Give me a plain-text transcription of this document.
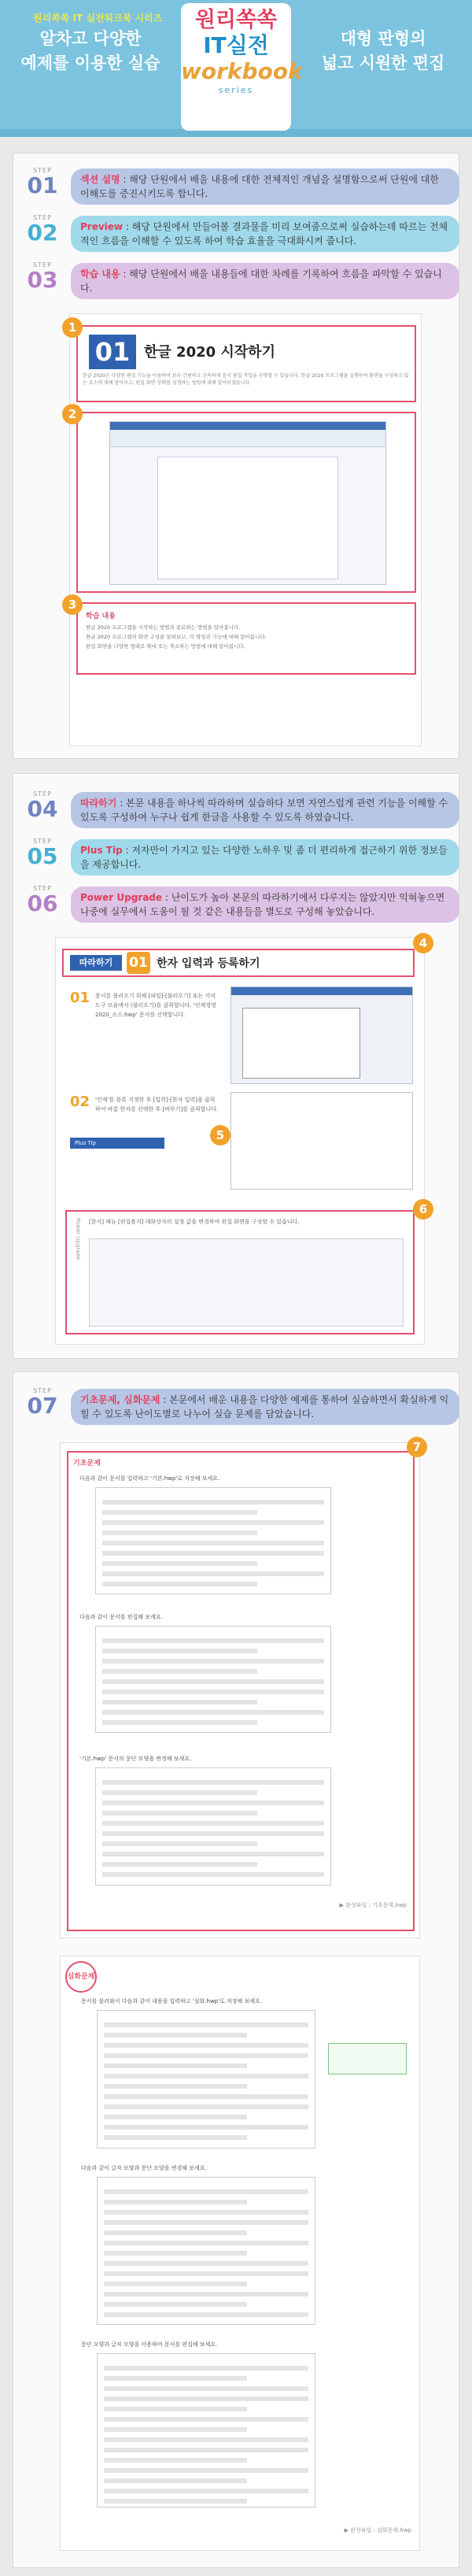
원리쏙쏙 IT 실전워크북 시리즈
알차고 다양한
예제를 이용한 실습
원리쏙쏙
IT실전
workbook
series
대형 판형의
넓고 시원한 편집
STEP
01	섹션 설명 : 해당 단원에서 배울 내용에 대한 전체적인 개념을 설명함으로써 단원에 대한 이해도를 증진시키도록 합니다.
STEP
02	Preview : 해당 단원에서 만들어볼 결과물을 미리 보여줌으로써 실습하는데 따르는 전체적인 흐름을 이해할 수 있도록 하여 학습 효율을 극대화시켜 줍니다.
STEP
03	학습 내용 : 해당 단원에서 배울 내용들에 대한 차례를 기록하여 흐름을 파악할 수 있습니다.
01 한글 2020 시작하기
한글 2020은 다양한 편집 기능을 이용하여 보다 간편하고 신속하게 문서 편집 작업을 수행할 수 있습니다. 한글 2020 프로그램을 실행하여 화면을 구성하고 있는 요소에 대해 알아보고, 편집 화면 상태를 설정하는 방법에 대해 알아보겠습니다.
학습 내용
한글 2020 프로그램을 시작하는 방법과 종료하는 방법을 알아봅니다.
한글 2020 프로그램의 화면 구성을 살펴보고, 각 명칭과 기능에 대해 알아봅니다.
편집 화면을 다양한 형태로 확대 또는 축소하는 방법에 대해 알아봅니다.
1
2
3
STEP
04	따라하기 : 본문 내용을 하나씩 따라하며 실습하다 보면 자연스럽게 관련 기능을 이해할 수 있도록 구성하여 누구나 쉽게 한글을 사용할 수 있도록 하였습니다.
STEP
05	Plus Tip : 저자만이 가지고 있는 다양한 노하우 및 좀 더 편리하게 접근하기 위한 정보들을 제공합니다.
STEP
06	Power Upgrade : 난이도가 높아 본문의 따라하기에서 다루지는 않았지만 익혀놓으면 나중에 실무에서 도움이 될 것 같은 내용들을 별도로 구성해 놓았습니다.
따라하기	01 한자 입력과 등록하기
01 문서를 불러오기 위해 [파일]-[불러오기] 또는 서식 도구 모음에서 (불러오기)를 클릭합니다. '인재경영2020_소스.hwp' 문서를 선택합니다.
02 '인재'를 블록 지정한 후 [입력]-[한자 입력]을 클릭하여 바꿀 한자를 선택한 후 [바꾸기]를 클릭합니다.
Plus Tip
5
Power Upgrade [문서] 메뉴 [편집용지] 대화상자의 설정 값을 변경하여 편집 화면을 구성할 수 있습니다.
4
6
STEP
07	기초문제, 심화문제 : 본문에서 배운 내용을 다양한 예제를 통하여 실습하면서 확실하게 익힐 수 있도록 난이도별로 나누어 실습 문제를 담았습니다.
기초문제
다음과 같이 문서를 입력하고 '기본.hwp'로 저장해 보세요.
다음과 같이 문서를 편집해 보세요.
'기본.hwp' 문서의 문단 모양을 변경해 보세요.
▶ 완성파일 : 기초문제.hwp
7
심화문제
문서를 불러와서 다음과 같이 내용을 입력하고 '심화.hwp'로 저장해 보세요.
다음과 같이 글자 모양과 문단 모양을 변경해 보세요.
문단 모양과 글자 모양을 이용하여 문서를 편집해 보세요.
▶ 완성파일 : 심화문제.hwp
